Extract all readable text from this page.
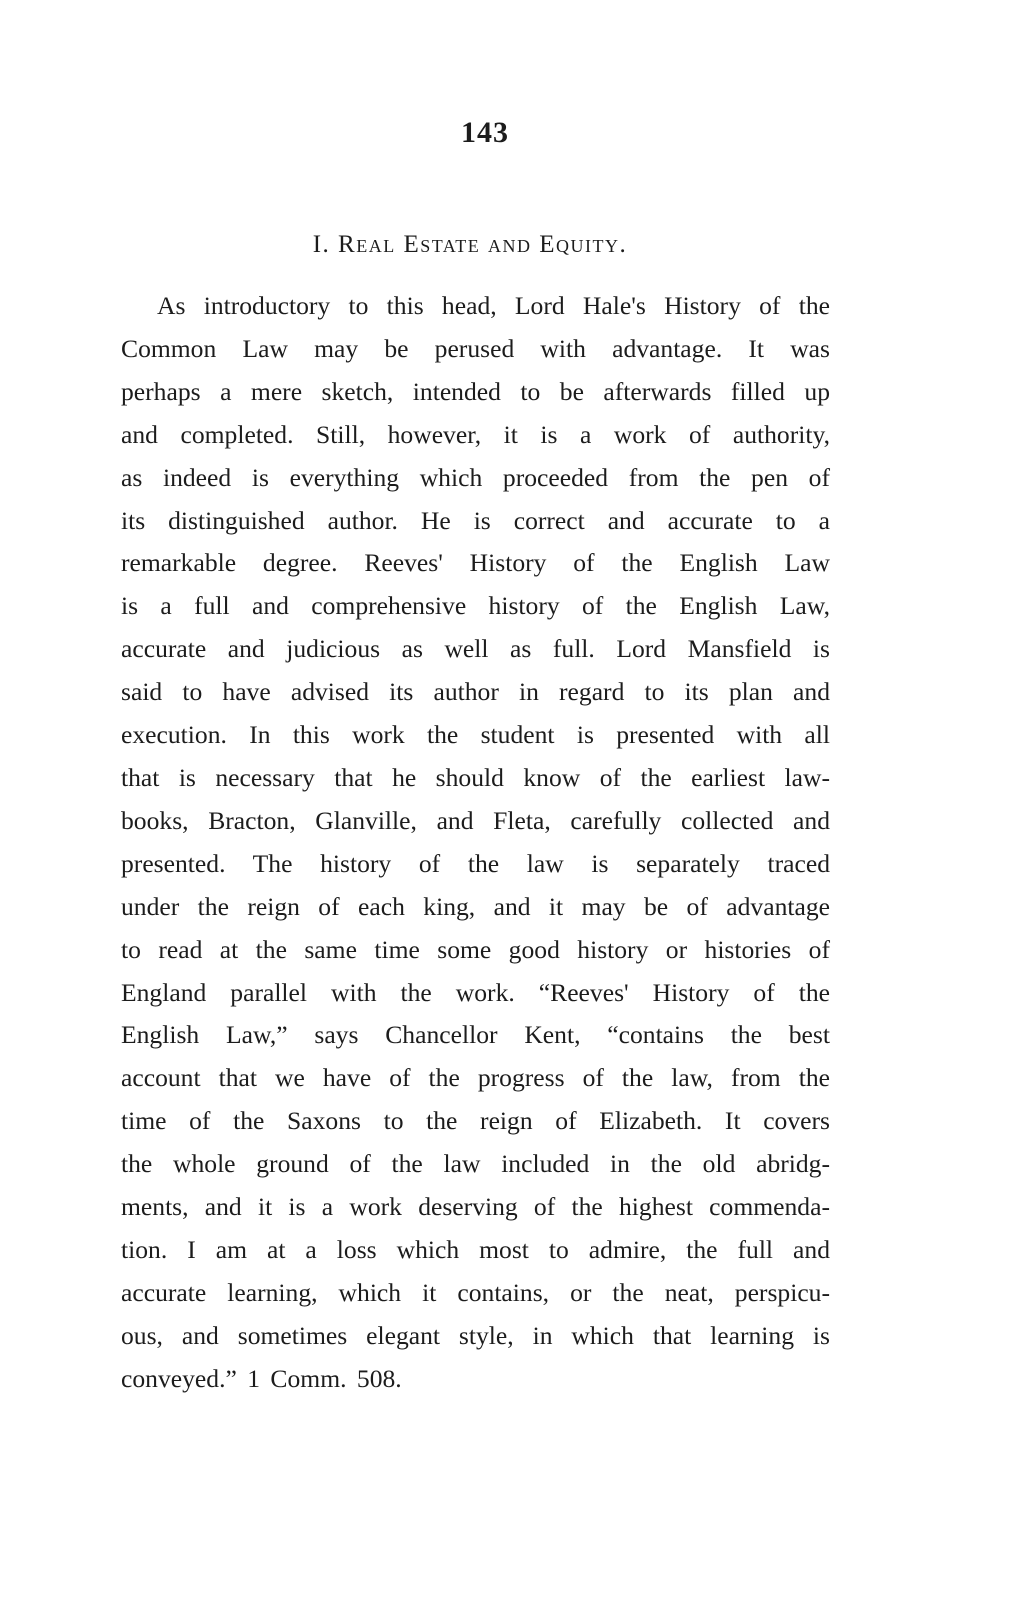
143
I. Real Estate and Equity.
As introductory to this head, Lord Hale's History of the
Common Law may be perused with advantage. It was
perhaps a mere sketch, intended to be afterwards filled up
and completed. Still, however, it is a work of authority,
as indeed is everything which proceeded from the pen of
its distinguished author. He is correct and accurate to a
remarkable degree. Reeves' History of the English Law
is a full and comprehensive history of the English Law,
accurate and judicious as well as full. Lord Mansfield is
said to have advised its author in regard to its plan and
execution. In this work the student is presented with all
that is necessary that he should know of the earliest law-
books, Bracton, Glanville, and Fleta, carefully collected and
presented. The history of the law is separately traced
under the reign of each king, and it may be of advantage
to read at the same time some good history or histories of
England parallel with the work. “Reeves' History of the
English Law,” says Chancellor Kent, “contains the best
account that we have of the progress of the law, from the
time of the Saxons to the reign of Elizabeth. It covers
the whole ground of the law included in the old abridg-
ments, and it is a work deserving of the highest commenda-
tion. I am at a loss which most to admire, the full and
accurate learning, which it contains, or the neat, perspicu-
ous, and sometimes elegant style, in which that learning is
conveyed.” 1 Comm. 508.
